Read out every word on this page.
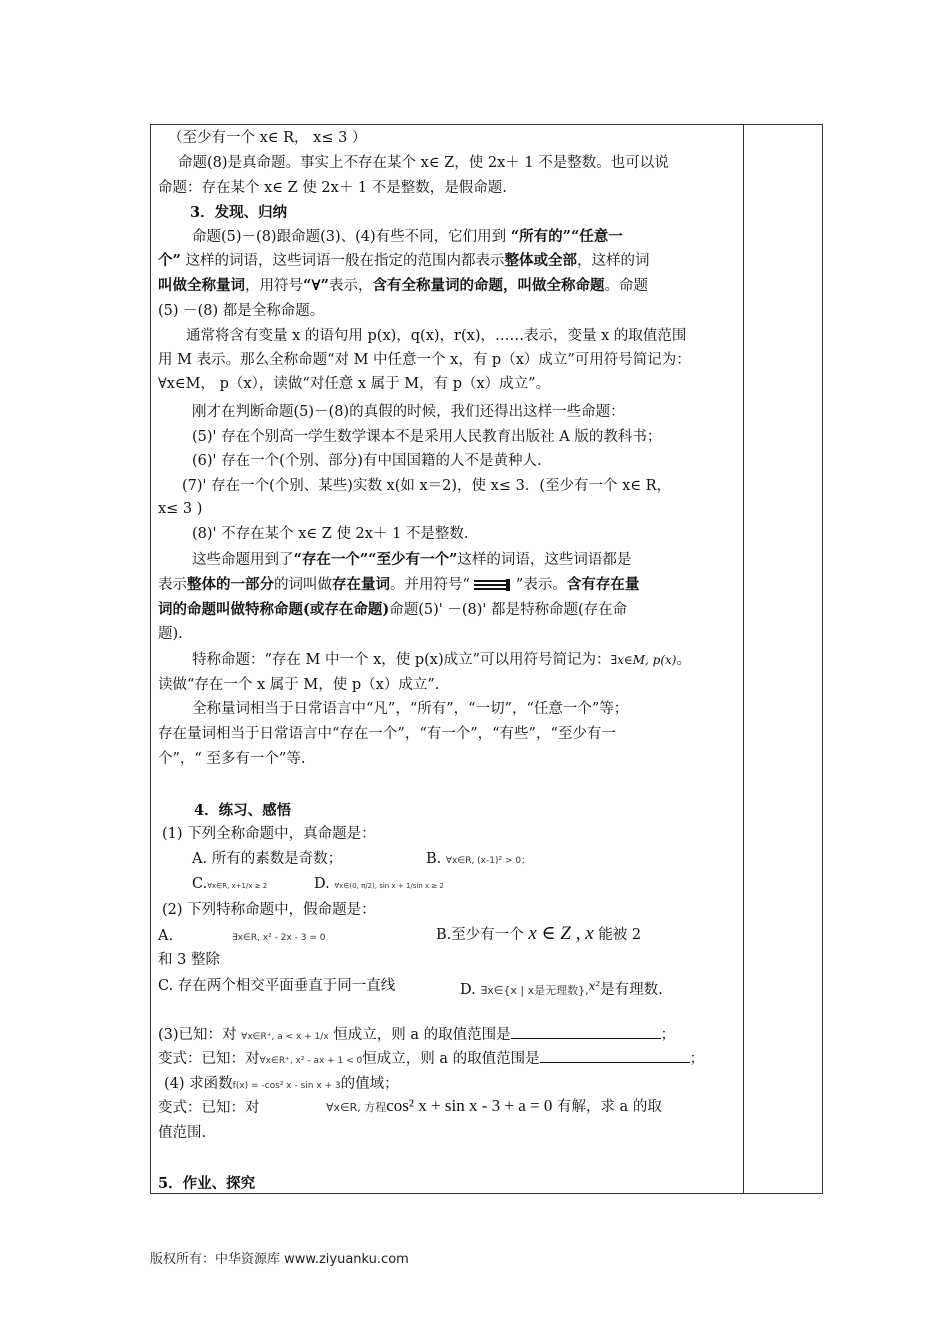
（至少有一个 x∈ R， x≤ 3 ）
命题(8)是真命题。事实上不存在某个 x∈ Z，使 2x＋ 1 不是整数。也可以说
命题：存在某个 x∈ Z 使 2x＋ 1 不是整数，是假命题.
3．发现、归纳
命题(5)－(8)跟命题(3)、(4)有些不同，它们用到 “所有的”“任意一
个” 这样的词语，这些词语一般在指定的范围内都表示整体或全部，这样的词
叫做全称量词，用符号“∀”表示，含有全称量词的命题，叫做全称命题。命题
(5) －(8) 都是全称命题。
通常将含有变量 x 的语句用 p(x)，q(x)，r(x)，……表示，变量 x 的取值范围
用 M 表示。那么全称命题“对 M 中任意一个 x，有 p（x）成立”可用符号简记为：
∀x∈M， p（x），读做“对任意 x 属于 M，有 p（x）成立”。
刚才在判断命题(5)－(8)的真假的时候，我们还得出这样一些命题：
(5)' 存在个别高一学生数学课本不是采用人民教育出版社 A 版的教科书；
(6)' 存在一个(个别、部分)有中国国籍的人不是黄种人.
(7)' 存在一个(个别、某些)实数 x(如 x＝2)，使 x≤ 3．(至少有一个 x∈ R，
x≤ 3 )
(8)' 不存在某个 x∈ Z 使 2x＋ 1 不是整数.
这些命题用到了“存在一个”“至少有一个”这样的词语，这些词语都是
表示整体的一部分的词叫做存在量词。并用符号“	”表示。含有存在量
词的命题叫做特称命题(或存在命题)命题(5)' －(8)' 都是特称命题(存在命
题).
特称命题：“存在 M 中一个 x，使 p(x)成立”可以用符号简记为：∃x∈M, p(x)。
读做“存在一个 x 属于 M，使 p（x）成立”.
全称量词相当于日常语言中“凡”，“所有”，“一切”，“任意一个”等；
存在量词相当于日常语言中“存在一个”，“有一个”，“有些”，“至少有一
个”，“ 至多有一个”等.
4．练习、感悟
(1) 下列全称命题中，真命题是：
A. 所有的素数是奇数；	B. ∀x∈R, (x-1)² > 0；
C.∀x∈R, x+1/x ≥ 2	D. ∀x∈(0, π/2), sin x + 1/sin x ≥ 2
(2) 下列特称命题中，假命题是：
A.	∃x∈R, x² - 2x - 3 = 0	B.至少有一个 x ∈ Z , x 能被 2
和 3 整除
C. 存在两个相交平面垂直于同一直线	D. ∃x∈{x | x是无理数},$^{x^2}$是有理数.
(3)已知：对 ∀x∈R⁺, a < x + 1/x 恒成立，则 a 的取值范围是	；
变式：已知：对∀x∈R⁺, x² - ax + 1 < 0恒成立，则 a 的取值范围是	；
(4) 求函数f(x) = -cos² x - sin x + 3的值域；
变式：已知：对	∀x∈R, 方程cos² x + sin x - 3 + a = 0 有解，求 a 的取
值范围.
5．作业、探究
版权所有：中华资源库 www.ziyuanku.com
